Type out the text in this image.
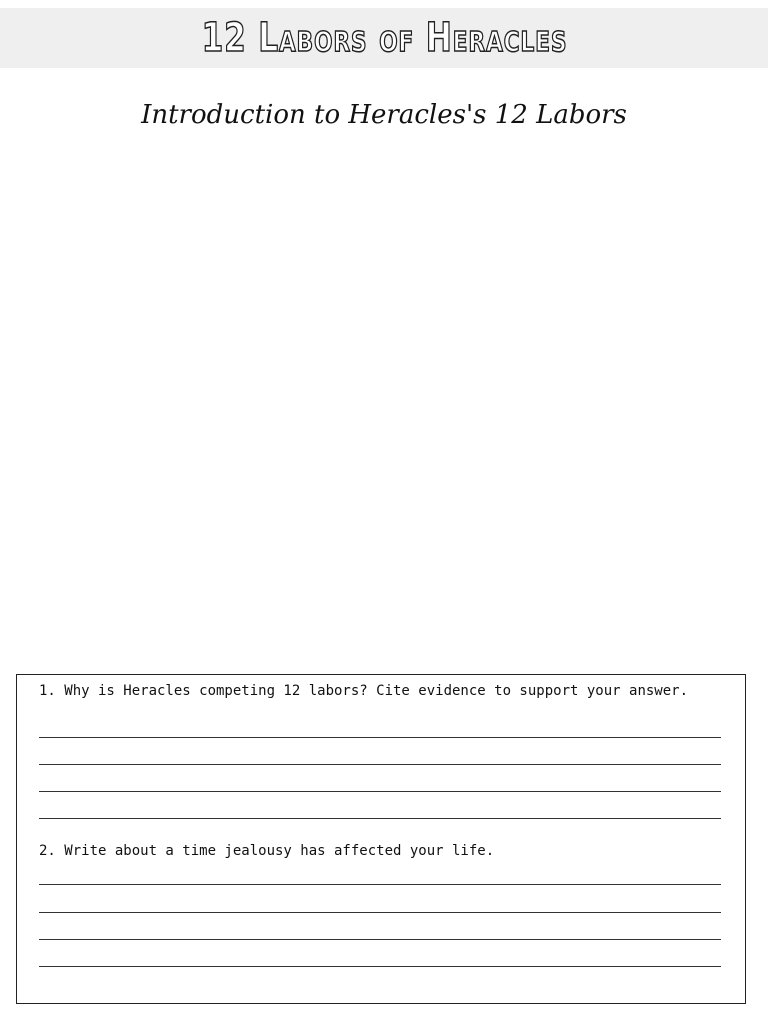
12 Labors of Heracles
Introduction to Heracles's 12 Labors
1. Why is Heracles competing 12 labors? Cite evidence to support your answer.
2. Write about a time jealousy has affected your life.
